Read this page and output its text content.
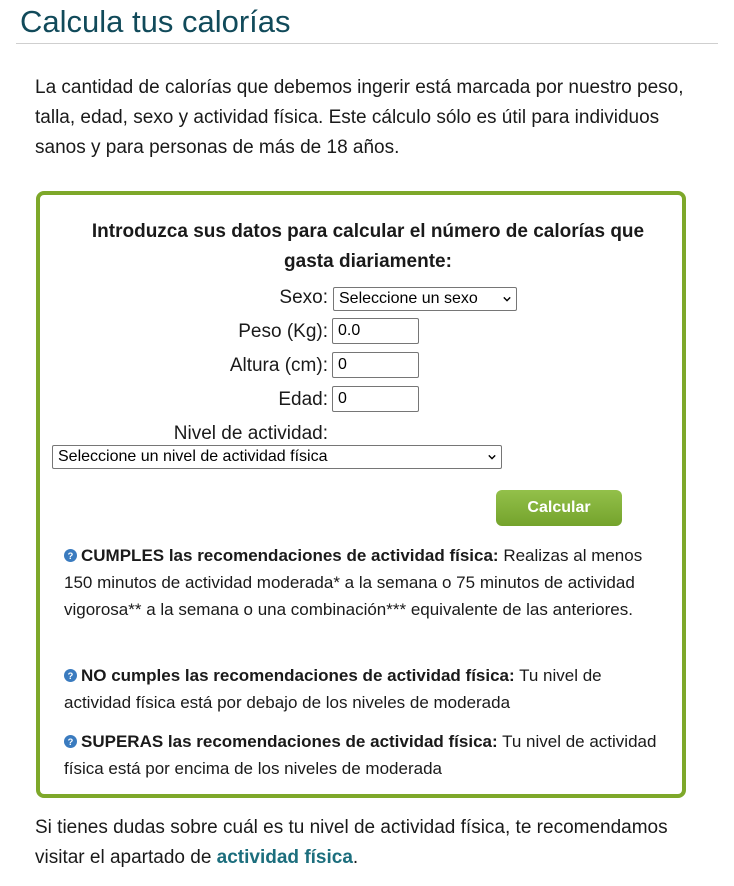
Calcula tus calorías

La cantidad de calorías que debemos ingerir está marcada por nuestro peso, talla, edad, sexo y actividad física. Este cálculo sólo es útil para individuos sanos y para personas de más de 18 años.

Introduzca sus datos para calcular el número de calorías que gasta diariamente:

Sexo: Seleccione un sexo
Peso (Kg):
0.0
Altura (cm):
0
Edad:
0
Nivel de actividad:
Seleccione un nivel de actividad física
Calcular

? CUMPLES las recomendaciones de actividad física: Realizas al menos 150 minutos de actividad moderada* a la semana o 75 minutos de actividad vigorosa** a la semana o una combinación*** equivalente de las anteriores.

? NO cumples las recomendaciones de actividad física: Tu nivel de actividad física está por debajo de los niveles de moderada

? SUPERAS las recomendaciones de actividad física: Tu nivel de actividad física está por encima de los niveles de moderada

Si tienes dudas sobre cuál es tu nivel de actividad física, te recomendamos visitar el apartado de actividad física.
